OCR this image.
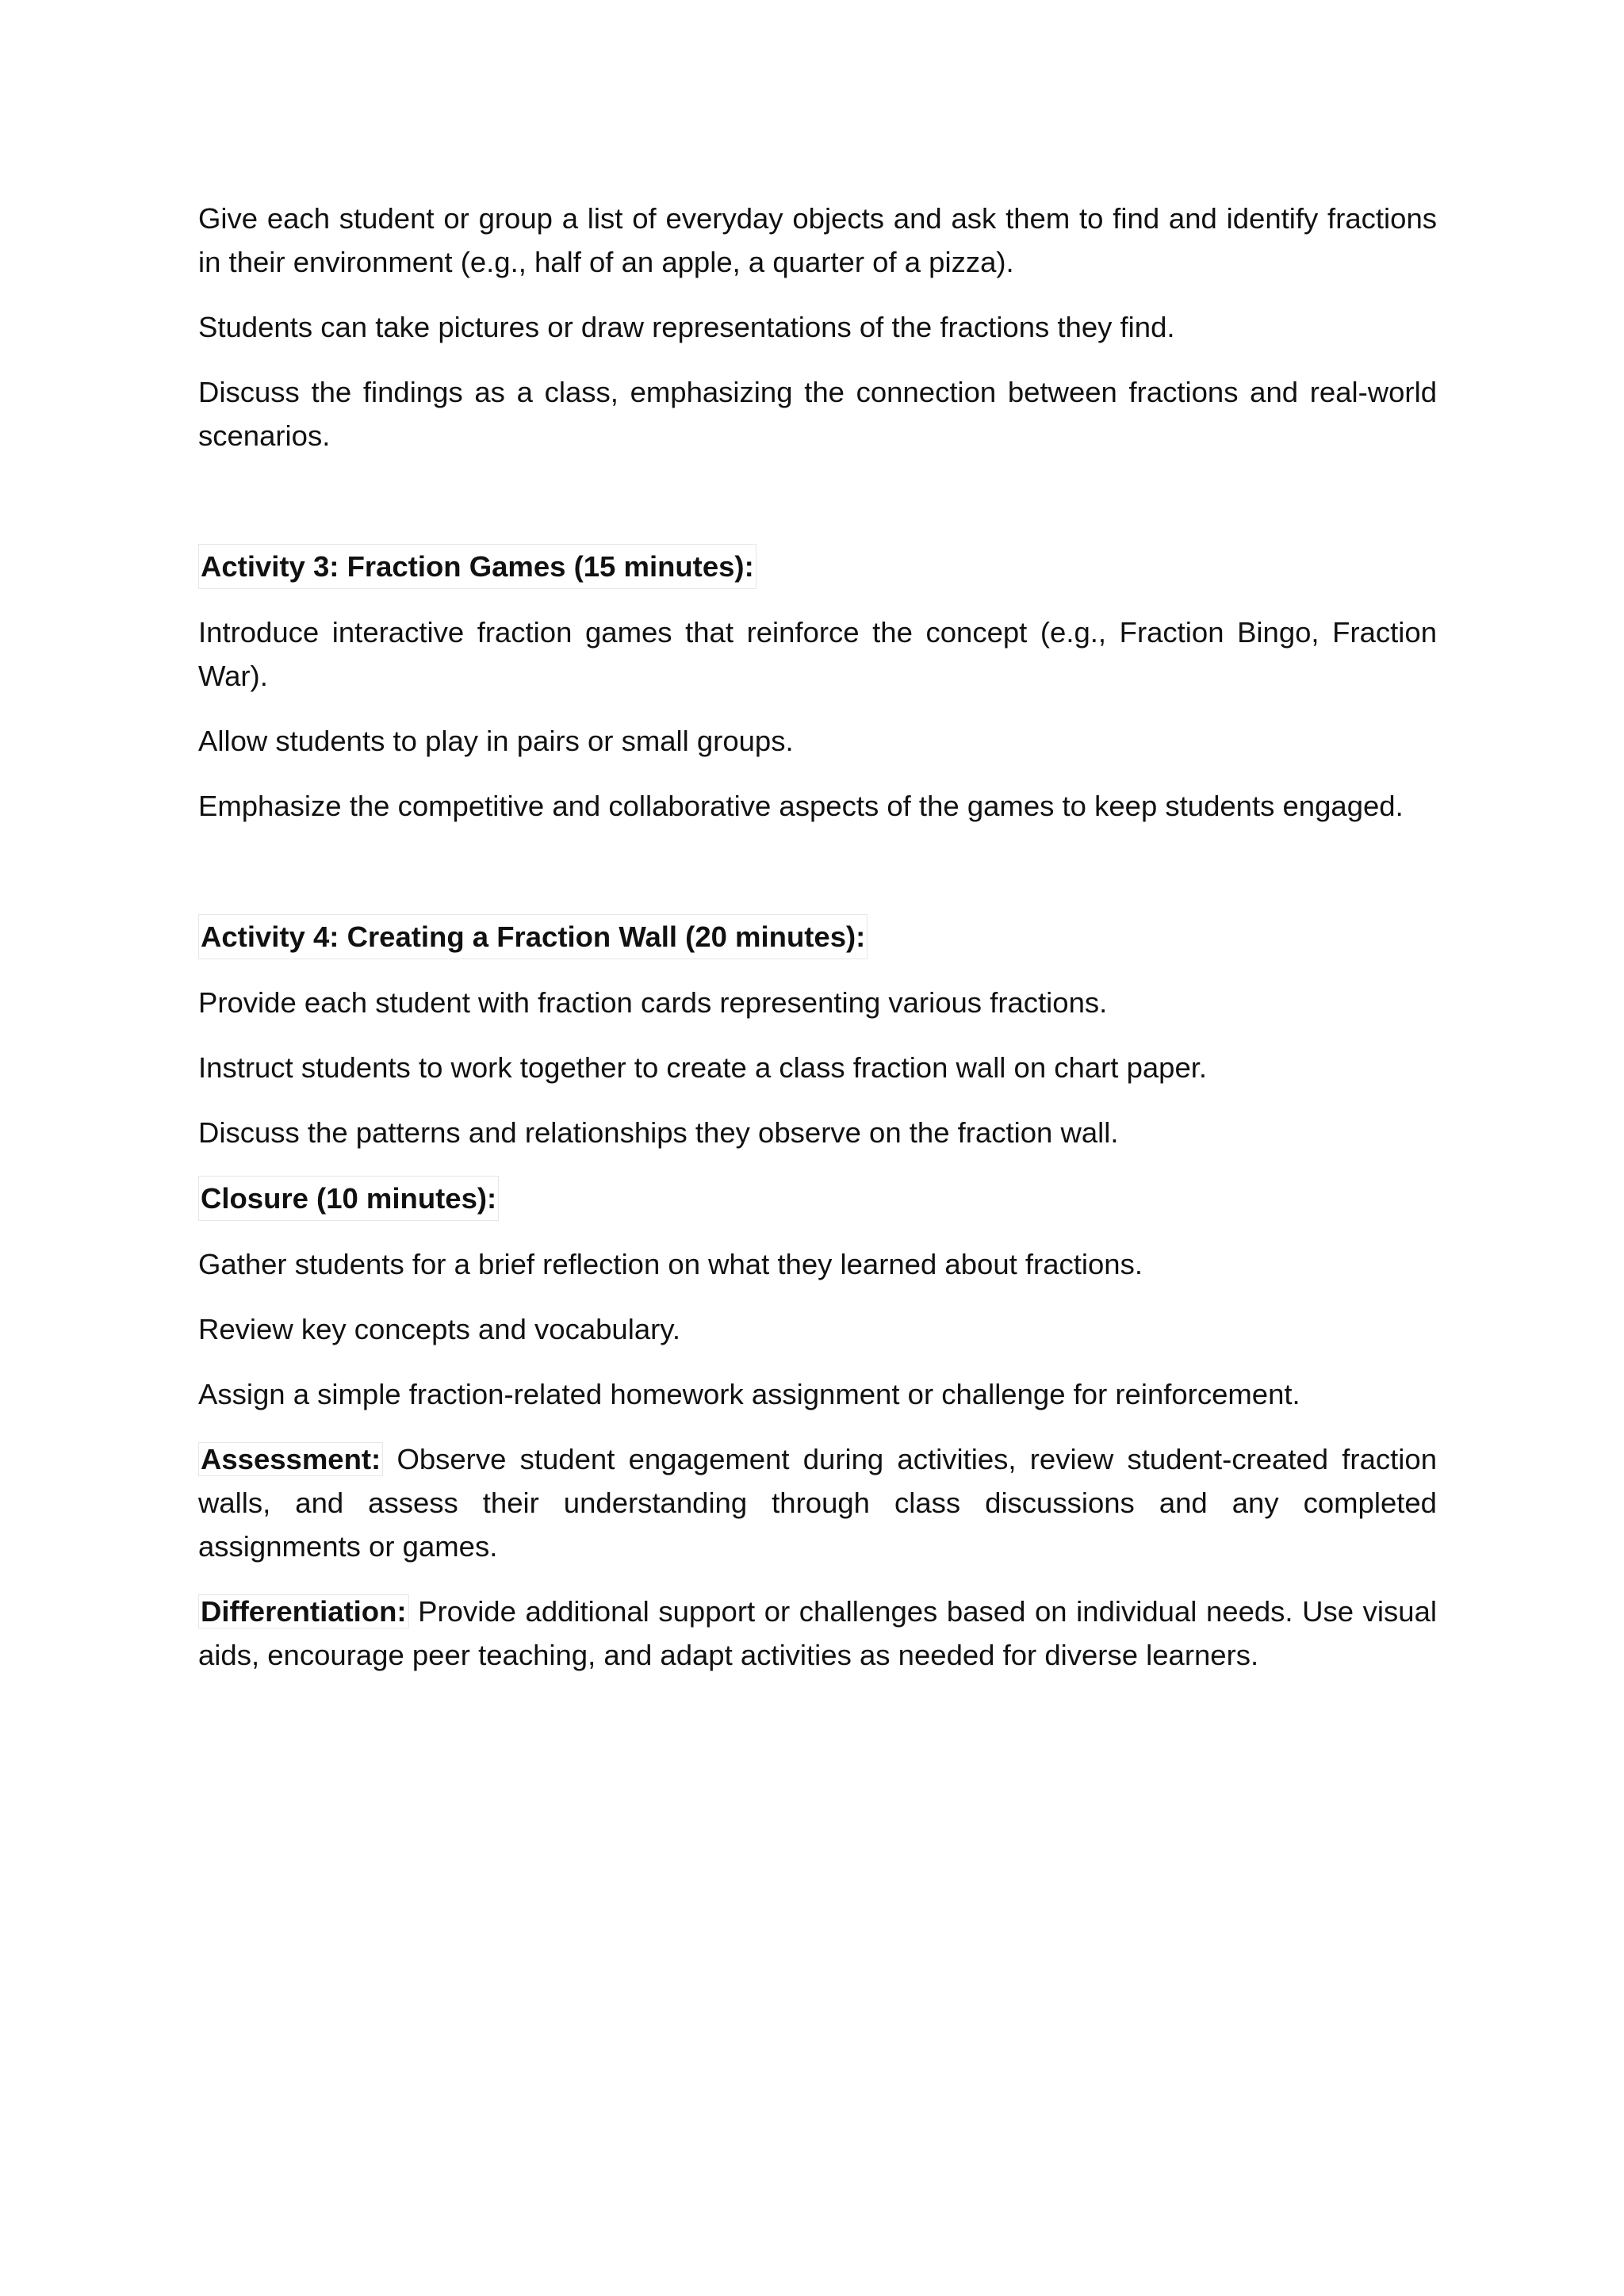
Give each student or group a list of everyday objects and ask them to find and identify fractions in their environment (e.g., half of an apple, a quarter of a pizza).

Students can take pictures or draw representations of the fractions they find.

Discuss the findings as a class, emphasizing the connection between fractions and real-world scenarios.

Activity 3: Fraction Games (15 minutes):

Introduce interactive fraction games that reinforce the concept (e.g., Fraction Bingo, Fraction War).

Allow students to play in pairs or small groups.

Emphasize the competitive and collaborative aspects of the games to keep students engaged.

Activity 4: Creating a Fraction Wall (20 minutes):

Provide each student with fraction cards representing various fractions.

Instruct students to work together to create a class fraction wall on chart paper.

Discuss the patterns and relationships they observe on the fraction wall.

Closure (10 minutes):

Gather students for a brief reflection on what they learned about fractions.

Review key concepts and vocabulary.

Assign a simple fraction-related homework assignment or challenge for reinforcement.

Assessment: Observe student engagement during activities, review student-created fraction walls, and assess their understanding through class discussions and any completed assignments or games.

Differentiation: Provide additional support or challenges based on individual needs. Use visual aids, encourage peer teaching, and adapt activities as needed for diverse learners.
